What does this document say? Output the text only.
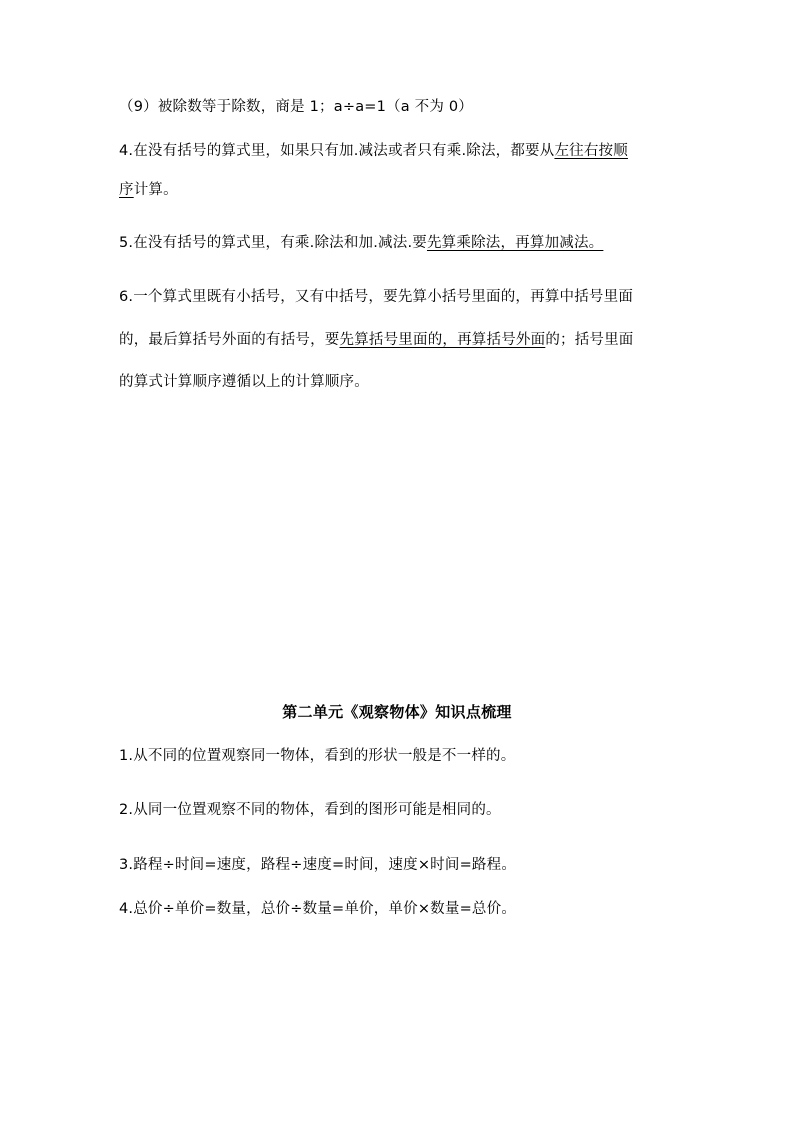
（9）被除数等于除数，商是 1；a÷a=1（a 不为 0）
4.在没有括号的算式里，如果只有加.减法或者只有乘.除法，都要从左往右按顺
序计算。
5.在没有括号的算式里，有乘.除法和加.减法.要先算乘除法，再算加减法。
6.一个算式里既有小括号，又有中括号，要先算小括号里面的，再算中括号里面
的，最后算括号外面的有括号，要先算括号里面的，再算括号外面的；括号里面
的算式计算顺序遵循以上的计算顺序。
第二单元《观察物体》知识点梳理
1.从不同的位置观察同一物体，看到的形状一般是不一样的。
2.从同一位置观察不同的物体，看到的图形可能是相同的。
3.路程÷时间=速度，路程÷速度=时间，速度×时间=路程。
4.总价÷单价=数量，总价÷数量=单价，单价×数量=总价。
